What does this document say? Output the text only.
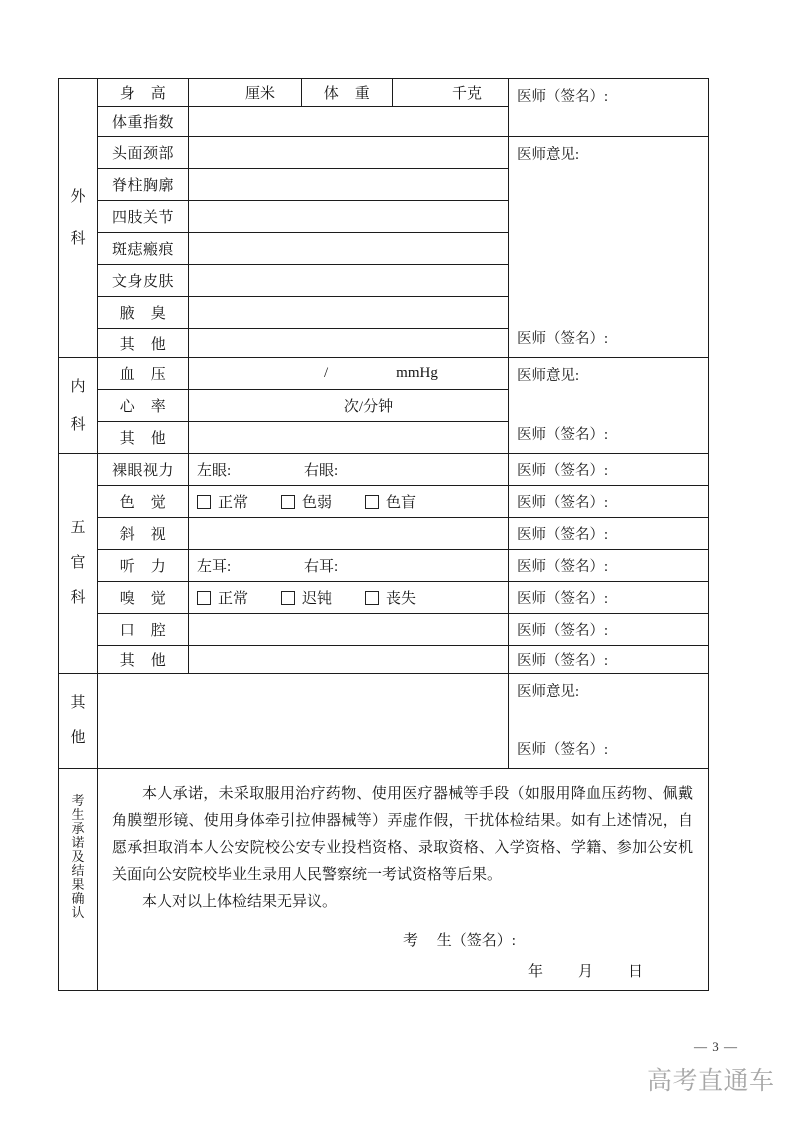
外科	身　高	厘米	体　重	千克	医师（签名）:

	体重指数				
	头面颈部				医师意见:
医师（签名）:

	脊柱胸廓				
	四肢关节				
	斑痣瘢痕				
	文身皮肤				
	腋　臭				
	其　他				

内科
	血　压	/	mmHg	医师意见:
医师（签名）:

	心　率	次/分钟			

	其　他				

五官科	裸眼视力	左眼: 右眼:			医师（签名）:
	色　觉	正常 色弱 色盲			医师（签名）:
	斜　视				医师（签名）:
	听　力	左耳: 右耳:			医师（签名）:
	嗅　觉	正常 迟钝 丧失			医师（签名）:
	口　腔				医师（签名）:
	其　他				医师（签名）:

其他					医师意见:
医师（签名）:

考生承诺及结果确认

本人承诺，未采取服用治疗药物、使用医疗器械等手段（如服用降血压药物、佩戴角膜塑形镜、使用身体牵引拉伸器械等）弄虚作假，干扰体检结果。如有上述情况，自愿承担取消本人公安院校公安专业投档资格、录取资格、入学资格、学籍、参加公安机关面向公安院校毕业生录用人民警察统一考试资格等后果。

本人对以上体检结果无异议。

考　 生（签名）:
年 月 日
— 3 —
高考直通车
